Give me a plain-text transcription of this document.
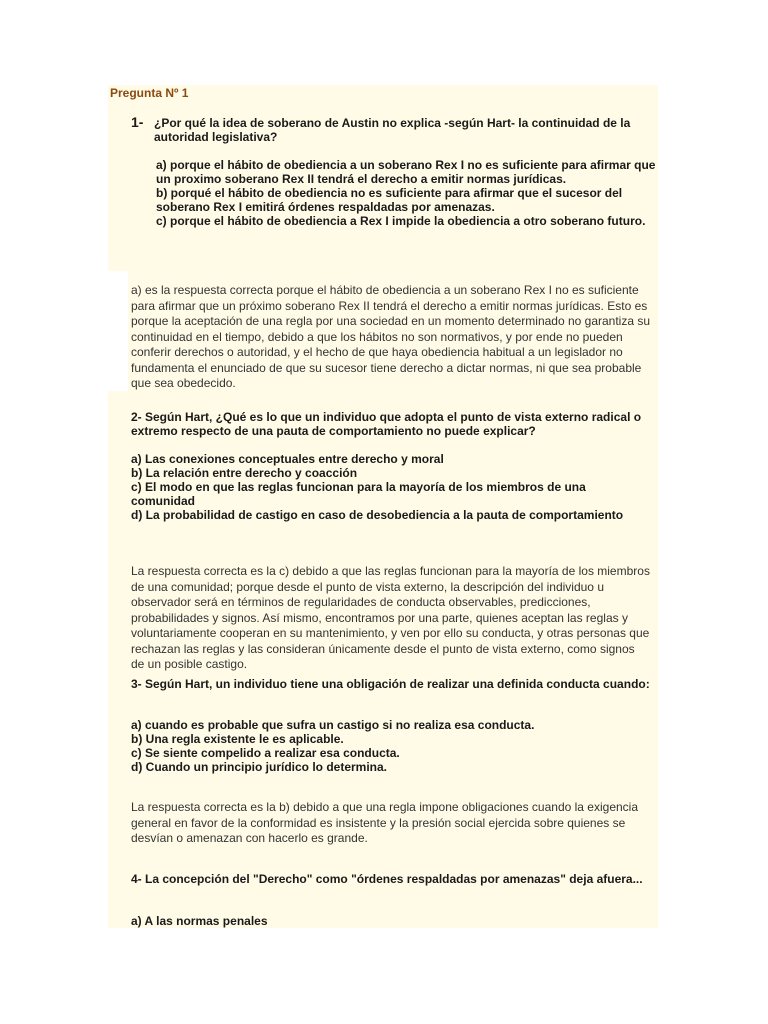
Pregunta Nº 1
1- ¿Por qué la idea de soberano de Austin no explica -según Hart- la continuidad de la autoridad legislativa?

a) porque el hábito de obediencia a un soberano Rex I no es suficiente para afirmar que un proximo soberano Rex II tendrá el derecho a emitir normas jurídicas.

b) porqué el hábito de obediencia no es suficiente para afirmar que el sucesor del soberano Rex I emitirá órdenes respaldadas por amenazas.

c) porque el hábito de obediencia a Rex I impide la obediencia a otro soberano futuro.

a) es la respuesta correcta porque el hábito de obediencia a un soberano Rex I no es suficiente para afirmar que un próximo soberano Rex II tendrá el derecho a emitir normas jurídicas. Esto es porque la aceptación de una regla por una sociedad en un momento determinado no garantiza su continuidad en el tiempo, debido a que los hábitos no son normativos, y por ende no pueden conferir derechos o autoridad, y el hecho de que haya obediencia habitual a un legislador no fundamenta el enunciado de que su sucesor tiene derecho a dictar normas, ni que sea probable que sea obedecido.

2- Según Hart, ¿Qué es lo que un individuo que adopta el punto de vista externo radical o extremo respecto de una pauta de comportamiento no puede explicar?

a) Las conexiones conceptuales entre derecho y moral

b) La relación entre derecho y coacción

c) El modo en que las reglas funcionan para la mayoría de los miembros de una comunidad

d) La probabilidad de castigo en caso de desobediencia a la pauta de comportamiento

La respuesta correcta es la c) debido a que las reglas funcionan para la mayoría de los miembros de una comunidad; porque desde el punto de vista externo, la descripción del individuo u observador será en términos de regularidades de conducta observables, predicciones, probabilidades y signos. Así mismo, encontramos por una parte, quienes aceptan las reglas y voluntariamente cooperan en su mantenimiento, y ven por ello su conducta, y otras personas que rechazan las reglas y las consideran únicamente desde el punto de vista externo, como signos de un posible castigo.

3- Según Hart, un individuo tiene una obligación de realizar una definida conducta cuando:

a) cuando es probable que sufra un castigo si no realiza esa conducta.

b) Una regla existente le es aplicable.

c) Se siente compelido a realizar esa conducta.

d) Cuando un principio jurídico lo determina.

La respuesta correcta es la b) debido a que una regla impone obligaciones cuando la exigencia general en favor de la conformidad es insistente y la presión social ejercida sobre quienes se desvían o amenazan con hacerlo es grande.

4- La concepción del "Derecho" como "órdenes respaldadas por amenazas" deja afuera...

a) A las normas penales
